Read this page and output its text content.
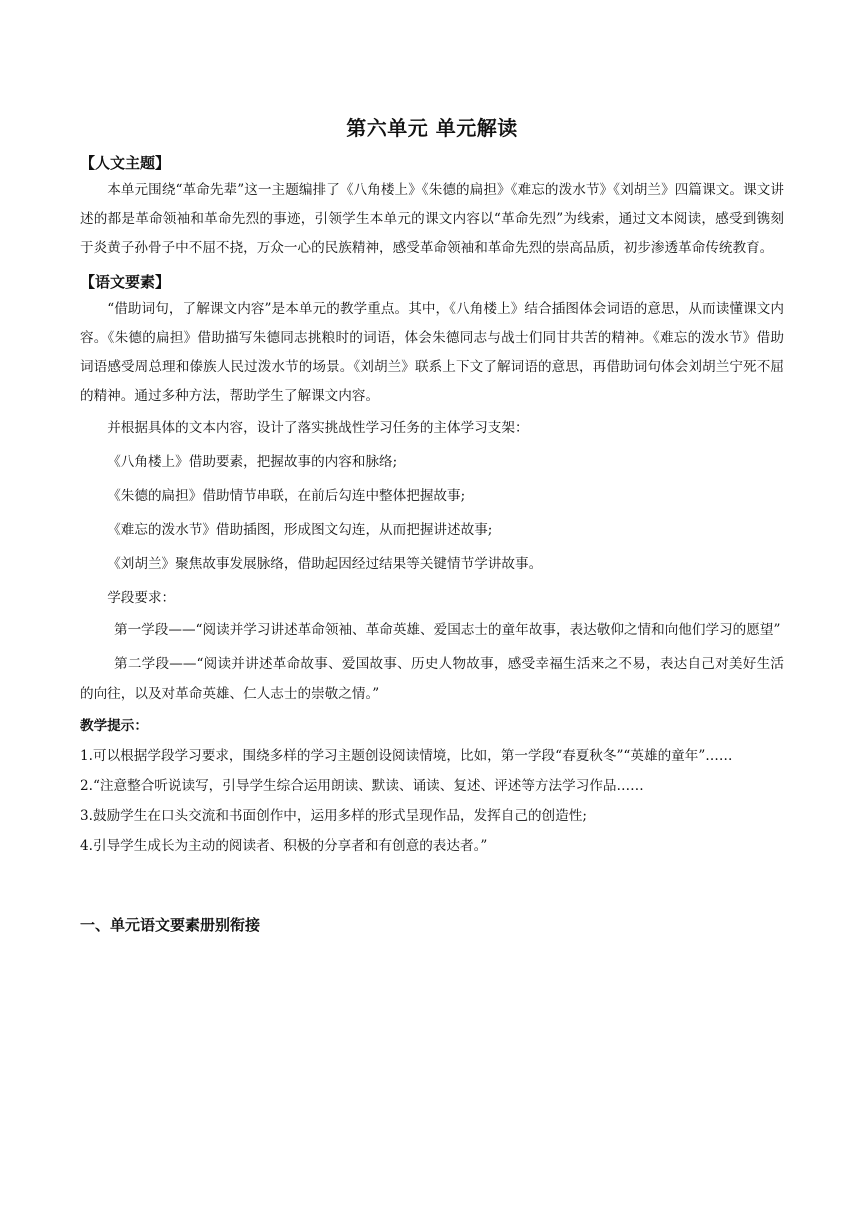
第六单元 单元解读

【人文主题】

本单元围绕“革命先辈”这一主题编排了《八角楼上》《朱德的扁担》《难忘的泼水节》《刘胡兰》四篇课文。课文讲述的都是革命领袖和革命先烈的事迹，引领学生本单元的课文内容以“革命先烈”为线索，通过文本阅读，感受到镌刻于炎黄子孙骨子中不屈不挠，万众一心的民族精神，感受革命领袖和革命先烈的崇高品质，初步渗透革命传统教育。

【语文要素】

“借助词句，了解课文内容”是本单元的教学重点。其中，《八角楼上》结合插图体会词语的意思，从而读懂课文内容。《朱德的扁担》借助描写朱德同志挑粮时的词语，体会朱德同志与战士们同甘共苦的精神。《难忘的泼水节》借助词语感受周总理和傣族人民过泼水节的场景。《刘胡兰》联系上下文了解词语的意思，再借助词句体会刘胡兰宁死不屈的精神。通过多种方法，帮助学生了解课文内容。

并根据具体的文本内容，设计了落实挑战性学习任务的主体学习支架：

《八角楼上》借助要素，把握故事的内容和脉络;

《朱德的扁担》借助情节串联，在前后勾连中整体把握故事;

《难忘的泼水节》借助插图，形成图文勾连，从而把握讲述故事;

《刘胡兰》聚焦故事发展脉络，借助起因经过结果等关键情节学讲故事。

学段要求：

第一学段——“阅读并学习讲述革命领袖、革命英雄、爱国志士的童年故事，表达敬仰之情和向他们学习的愿望”

第二学段——“阅读并讲述革命故事、爱国故事、历史人物故事，感受幸福生活来之不易，表达自己对美好生活的向往，以及对革命英雄、仁人志士的崇敬之情。”

教学提示：

1.可以根据学段学习要求，围绕多样的学习主题创设阅读情境，比如，第一学段“春夏秋冬”“英雄的童年”……

2.“注意整合听说读写，引导学生综合运用朗读、默读、诵读、复述、评述等方法学习作品……

3.鼓励学生在口头交流和书面创作中，运用多样的形式呈现作品，发挥自己的创造性;

4.引导学生成长为主动的阅读者、积极的分享者和有创意的表达者。”

一、单元语文要素册别衔接
